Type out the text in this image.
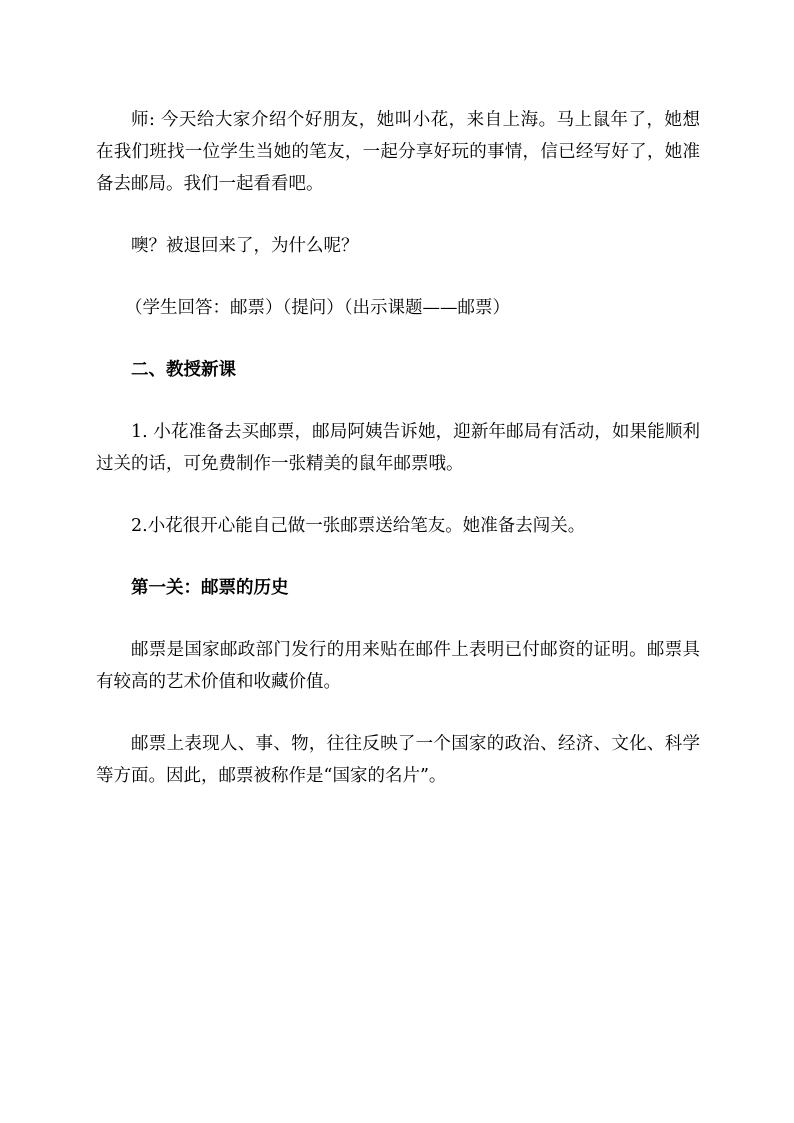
师: 今天给大家介绍个好朋友，她叫小花，来自上海。马上鼠年了，她想在我们班找一位学生当她的笔友，一起分享好玩的事情，信已经写好了，她准备去邮局。我们一起看看吧。

噢？被退回来了，为什么呢？

（学生回答：邮票）（提问）（出示课题——邮票）

二、教授新课

1. 小花准备去买邮票，邮局阿姨告诉她，迎新年邮局有活动，如果能顺利过关的话，可免费制作一张精美的鼠年邮票哦。

2.小花很开心能自己做一张邮票送给笔友。她准备去闯关。

第一关：邮票的历史

邮票是国家邮政部门发行的用来贴在邮件上表明已付邮资的证明。邮票具有较高的艺术价值和收藏价值。

邮票上表现人、事、物，往往反映了一个国家的政治、经济、文化、科学等方面。因此，邮票被称作是“国家的名片”。
